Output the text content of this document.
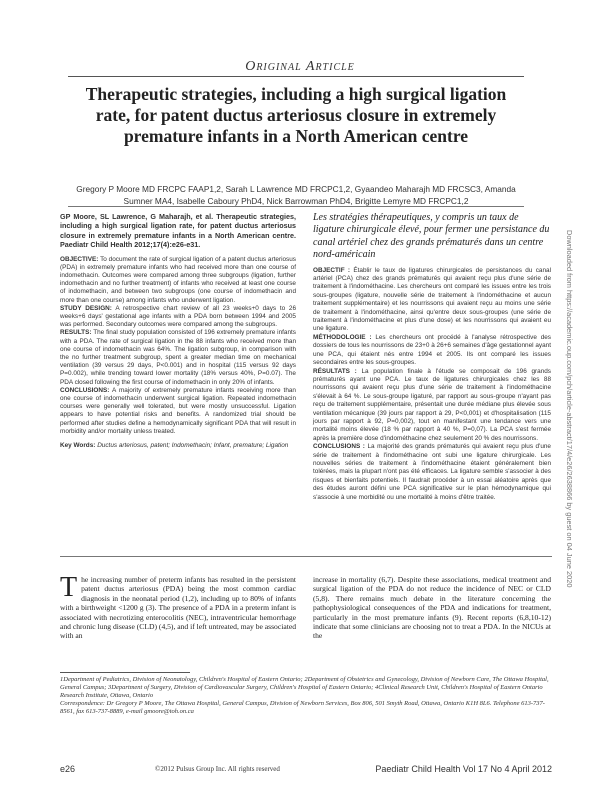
Original Article
Therapeutic strategies, including a high surgical ligation rate, for patent ductus arteriosus closure in extremely premature infants in a North American centre
Gregory P Moore MD FRCPC FAAP1,2, Sarah L Lawrence MD FRCPC1,2, Gyaandeo Maharajh MD FRCSC3, Amanda Sumner MA4, Isabelle Caboury PhD4, Nick Barrowman PhD4, Brigitte Lemyre MD FRCPC1,2
GP Moore, SL Lawrence, G Maharajh, et al. Therapeutic strategies, including a high surgical ligation rate, for patent ductus arteriosus closure in extremely premature infants in a North American centre. Paediatr Child Health 2012;17(4):e26-e31.
OBJECTIVE: To document the rate of surgical ligation of a patent ductus arteriosus (PDA) in extremely premature infants who had received more than one course of indomethacin. Outcomes were compared among three subgroups (ligation, further indomethacin and no further treatment) of infants who received at least one course of indomethacin, and between two subgroups (one course of indomethacin and more than one course) among infants who underwent ligation.
STUDY DESIGN: A retrospective chart review of all 23 weeks+0 days to 26 weeks+6 days' gestational age infants with a PDA born between 1994 and 2005 was performed. Secondary outcomes were compared among the subgroups.
RESULTS: The final study population consisted of 196 extremely premature infants with a PDA. The rate of surgical ligation in the 88 infants who received more than one course of indomethacin was 64%. The ligation subgroup, in comparison with the no further treatment subgroup, spent a greater median time on mechanical ventilation (39 versus 29 days, P<0.001) and in hospital (115 versus 92 days P=0.002), while trending toward lower mortality (18% versus 40%, P=0.07). The PDA closed following the first course of indomethacin in only 20% of infants.
CONCLUSIONS: A majority of extremely premature infants receiving more than one course of indomethacin underwent surgical ligation. Repeated indomethacin courses were generally well tolerated, but were mostly unsuccessful. Ligation appears to have potential risks and benefits. A randomized trial should be performed after studies define a hemodynamically significant PDA that will result in morbidity and/or mortality unless treated.
Key Words: Ductus arteriosus, patent; Indomethacin; Infant, premature; Ligation
Les stratégies thérapeutiques, y compris un taux de ligature chirurgicale élevé, pour fermer une persistance du canal artériel chez des grands prématurés dans un centre nord-américain
OBJECTIF : Établir le taux de ligatures chirurgicales de persistances du canal artériel (PCA) chez des grands prématurés qui avaient reçu plus d'une série de traitement à l'indométhacine. Les chercheurs ont comparé les issues entre les trois sous-groupes (ligature, nouvelle série de traitement à l'indométhacine et aucun traitement supplémentaire) et les nourrissons qui avaient reçu au moins une série de traitement à l'indométhacine, ainsi qu'entre deux sous-groupes (une série de traitement à l'indométhacine et plus d'une dose) et les nourrissons qui avaient eu une ligature.
MÉTHODOLOGIE : Les chercheurs ont procédé à l'analyse rétrospective des dossiers de tous les nourrissons de 23+0 à 26+6 semaines d'âge gestationnel ayant une PCA, qui étaient nés entre 1994 et 2005. Ils ont comparé les issues secondaires entre les sous-groupes.
RÉSULTATS : La population finale à l'étude se composait de 196 grands prématurés ayant une PCA. Le taux de ligatures chirurgicales chez les 88 nourrissons qui avaient reçu plus d'une série de traitement à l'indométhacine s'élevait à 64 %. Le sous-groupe ligaturé, par rapport au sous-groupe n'ayant pas reçu de traitement supplémentaire, présentait une durée médiane plus élevée sous ventilation mécanique (39 jours par rapport à 29, P<0,001) et d'hospitalisation (115 jours par rapport à 92, P=0,002), tout en manifestant une tendance vers une mortalité moins élevée (18 % par rapport à 40 %, P=0,07). La PCA s'est fermée après la première dose d'indométhacine chez seulement 20 % des nourrissons.
CONCLUSIONS : La majorité des grands prématurés qui avaient reçu plus d'une série de traitement à l'indométhacine ont subi une ligature chirurgicale. Les nouvelles séries de traitement à l'indométhacine étaient généralement bien tolérées, mais la plupart n'ont pas été efficaces. La ligature semble s'associer à des risques et bienfaits potentiels. Il faudrait procéder à un essai aléatoire après que des études auront défini une PCA significative sur le plan hémodynamique qui s'associe à une morbidité ou une mortalité à moins d'être traitée.
The increasing number of preterm infants has resulted in the persistent patent ductus arteriosus (PDA) being the most common cardiac diagnosis in the neonatal period (1,2), including up to 80% of infants with a birthweight <1200 g (3). The presence of a PDA in a preterm infant is associated with necrotizing enterocolitis (NEC), intraventricular hemorrhage and chronic lung disease (CLD) (4,5), and if left untreated, may be associated with an
increase in mortality (6,7). Despite these associations, medical treatment and surgical ligation of the PDA do not reduce the incidence of NEC or CLD (5,8). There remains much debate in the literature concerning the pathophysiological consequences of the PDA and indications for treatment, particularly in the most premature infants (9). Recent reports (6,8,10-12) indicate that some clinicians are choosing not to treat a PDA. In the NICUs at the
1Department of Pediatrics, Division of Neonatology, Children's Hospital of Eastern Ontario; 2Department of Obstetrics and Gynecology, Division of Newborn Care, The Ottawa Hospital, General Campus; 3Department of Surgery, Division of Cardiovascular Surgery, Children's Hospital of Eastern Ontario; 4Clinical Research Unit, Children's Hospital of Eastern Ontario Research Institute, Ottawa, Ontario
Correspondence: Dr Gregory P Moore, The Ottawa Hospital, General Campus, Division of Newborn Services, Box 806, 501 Smyth Road, Ottawa, Ontario K1H 8L6. Telephone 613-737-8561, fax 613-737-8889, e-mail gmoore@toh.on.ca
e26	©2012 Pulsus Group Inc. All rights reserved	Paediatr Child Health Vol 17 No 4 April 2012
Downloaded from https://academic.oup.com/pch/article-abstract/17/4/e26/2638866 by guest on 04 June 2020
